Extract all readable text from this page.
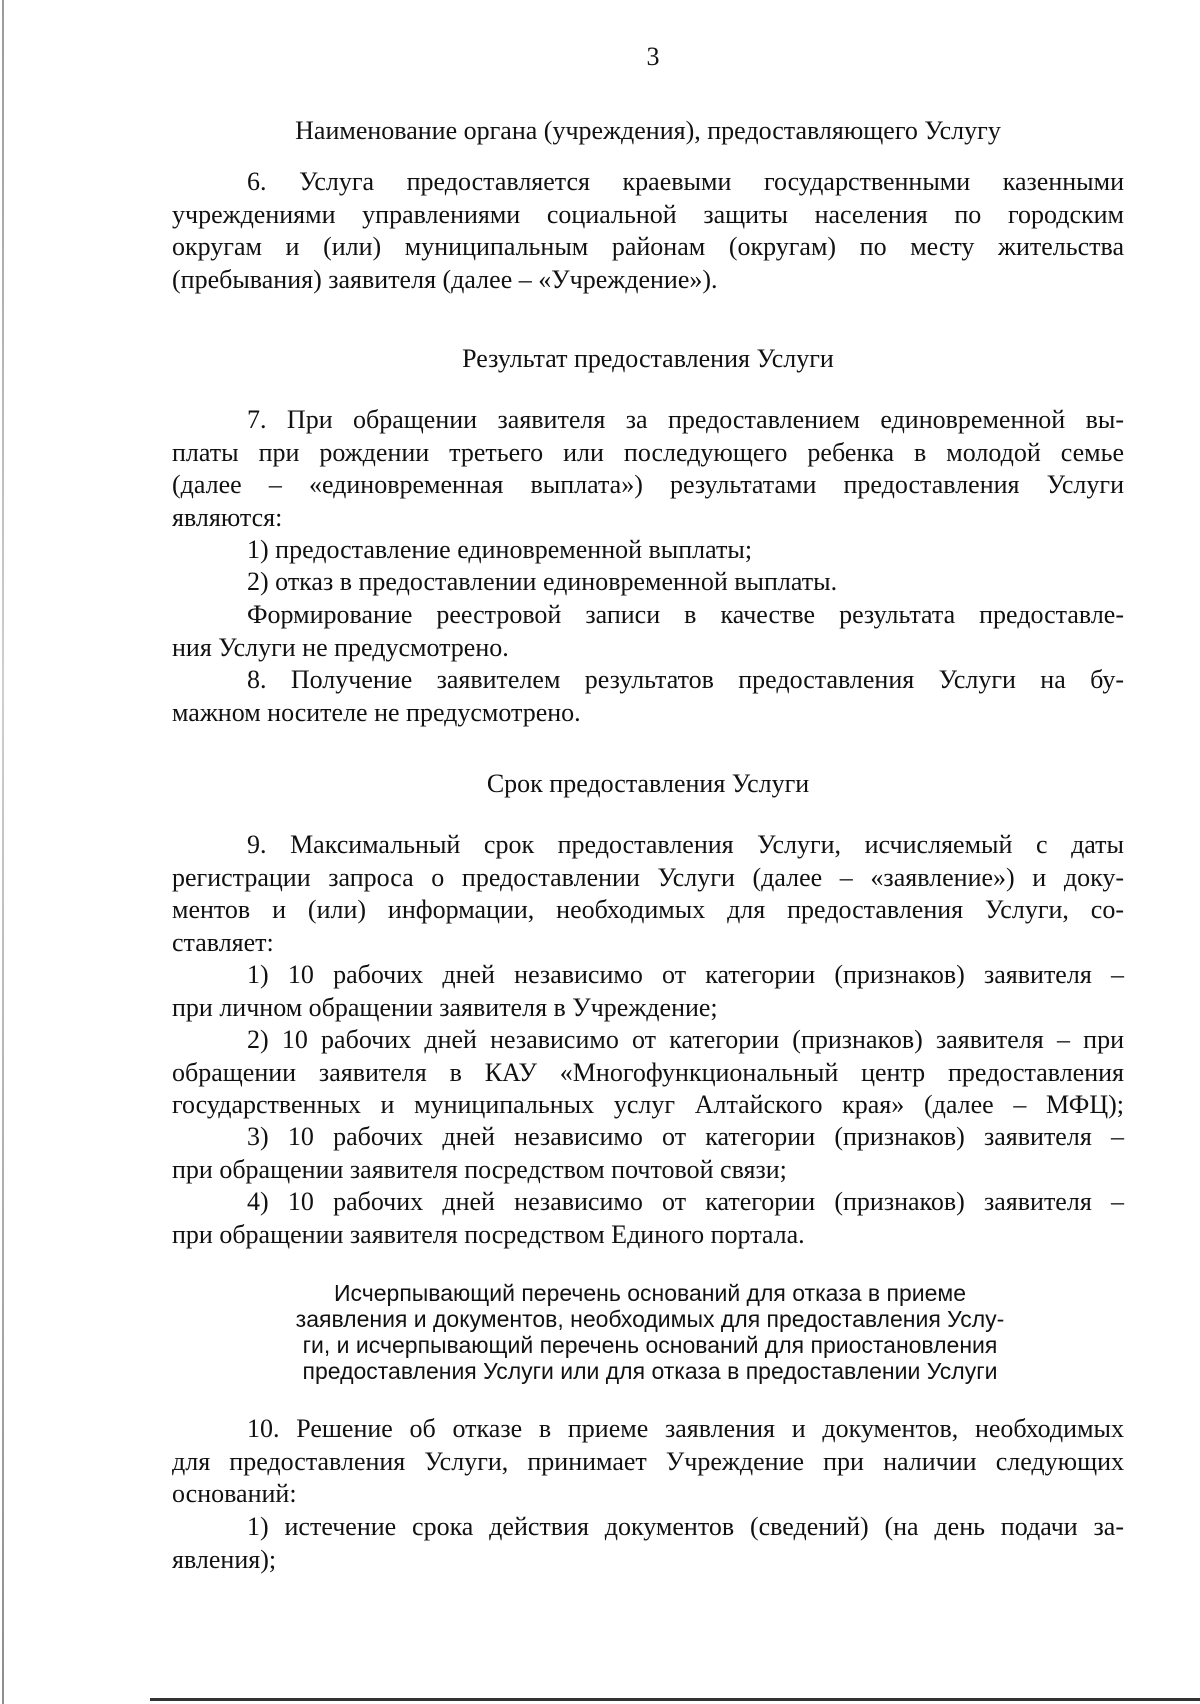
3
Наименование органа (учреждения), предоставляющего Услугу
6. Услуга предоставляется краевыми государственными казенными
учреждениями управлениями социальной защиты населения по городским
округам и (или) муниципальным районам (округам) по месту жительства
(пребывания) заявителя (далее – «Учреждение»).
Результат предоставления Услуги
7. При обращении заявителя за предоставлением единовременной вы-
платы при рождении третьего или последующего ребенка в молодой семье
(далее – «единовременная выплата») результатами предоставления Услуги
являются:
1) предоставление единовременной выплаты;
2) отказ в предоставлении единовременной выплаты.
Формирование реестровой записи в качестве результата предоставле-
ния Услуги не предусмотрено.
8. Получение заявителем результатов предоставления Услуги на бу-
мажном носителе не предусмотрено.
Срок предоставления Услуги
9. Максимальный срок предоставления Услуги, исчисляемый с даты
регистрации запроса о предоставлении Услуги (далее – «заявление») и доку-
ментов и (или) информации, необходимых для предоставления Услуги, со-
ставляет:
1) 10 рабочих дней независимо от категории (признаков) заявителя –
при личном обращении заявителя в Учреждение;
2) 10 рабочих дней независимо от категории (признаков) заявителя – при
обращении заявителя в КАУ «Многофункциональный центр предоставления
государственных и муниципальных услуг Алтайского края» (далее – МФЦ);
3) 10 рабочих дней независимо от категории (признаков) заявителя –
при обращении заявителя посредством почтовой связи;
4) 10 рабочих дней независимо от категории (признаков) заявителя –
при обращении заявителя посредством Единого портала.
Исчерпывающий перечень оснований для отказа в приеме
заявления и документов, необходимых для предоставления Услу-
ги, и исчерпывающий перечень оснований для приостановления
предоставления Услуги или для отказа в предоставлении Услуги
10. Решение об отказе в приеме заявления и документов, необходимых
для предоставления Услуги, принимает Учреждение при наличии следующих
оснований:
1) истечение срока действия документов (сведений) (на день подачи за-
явления);
